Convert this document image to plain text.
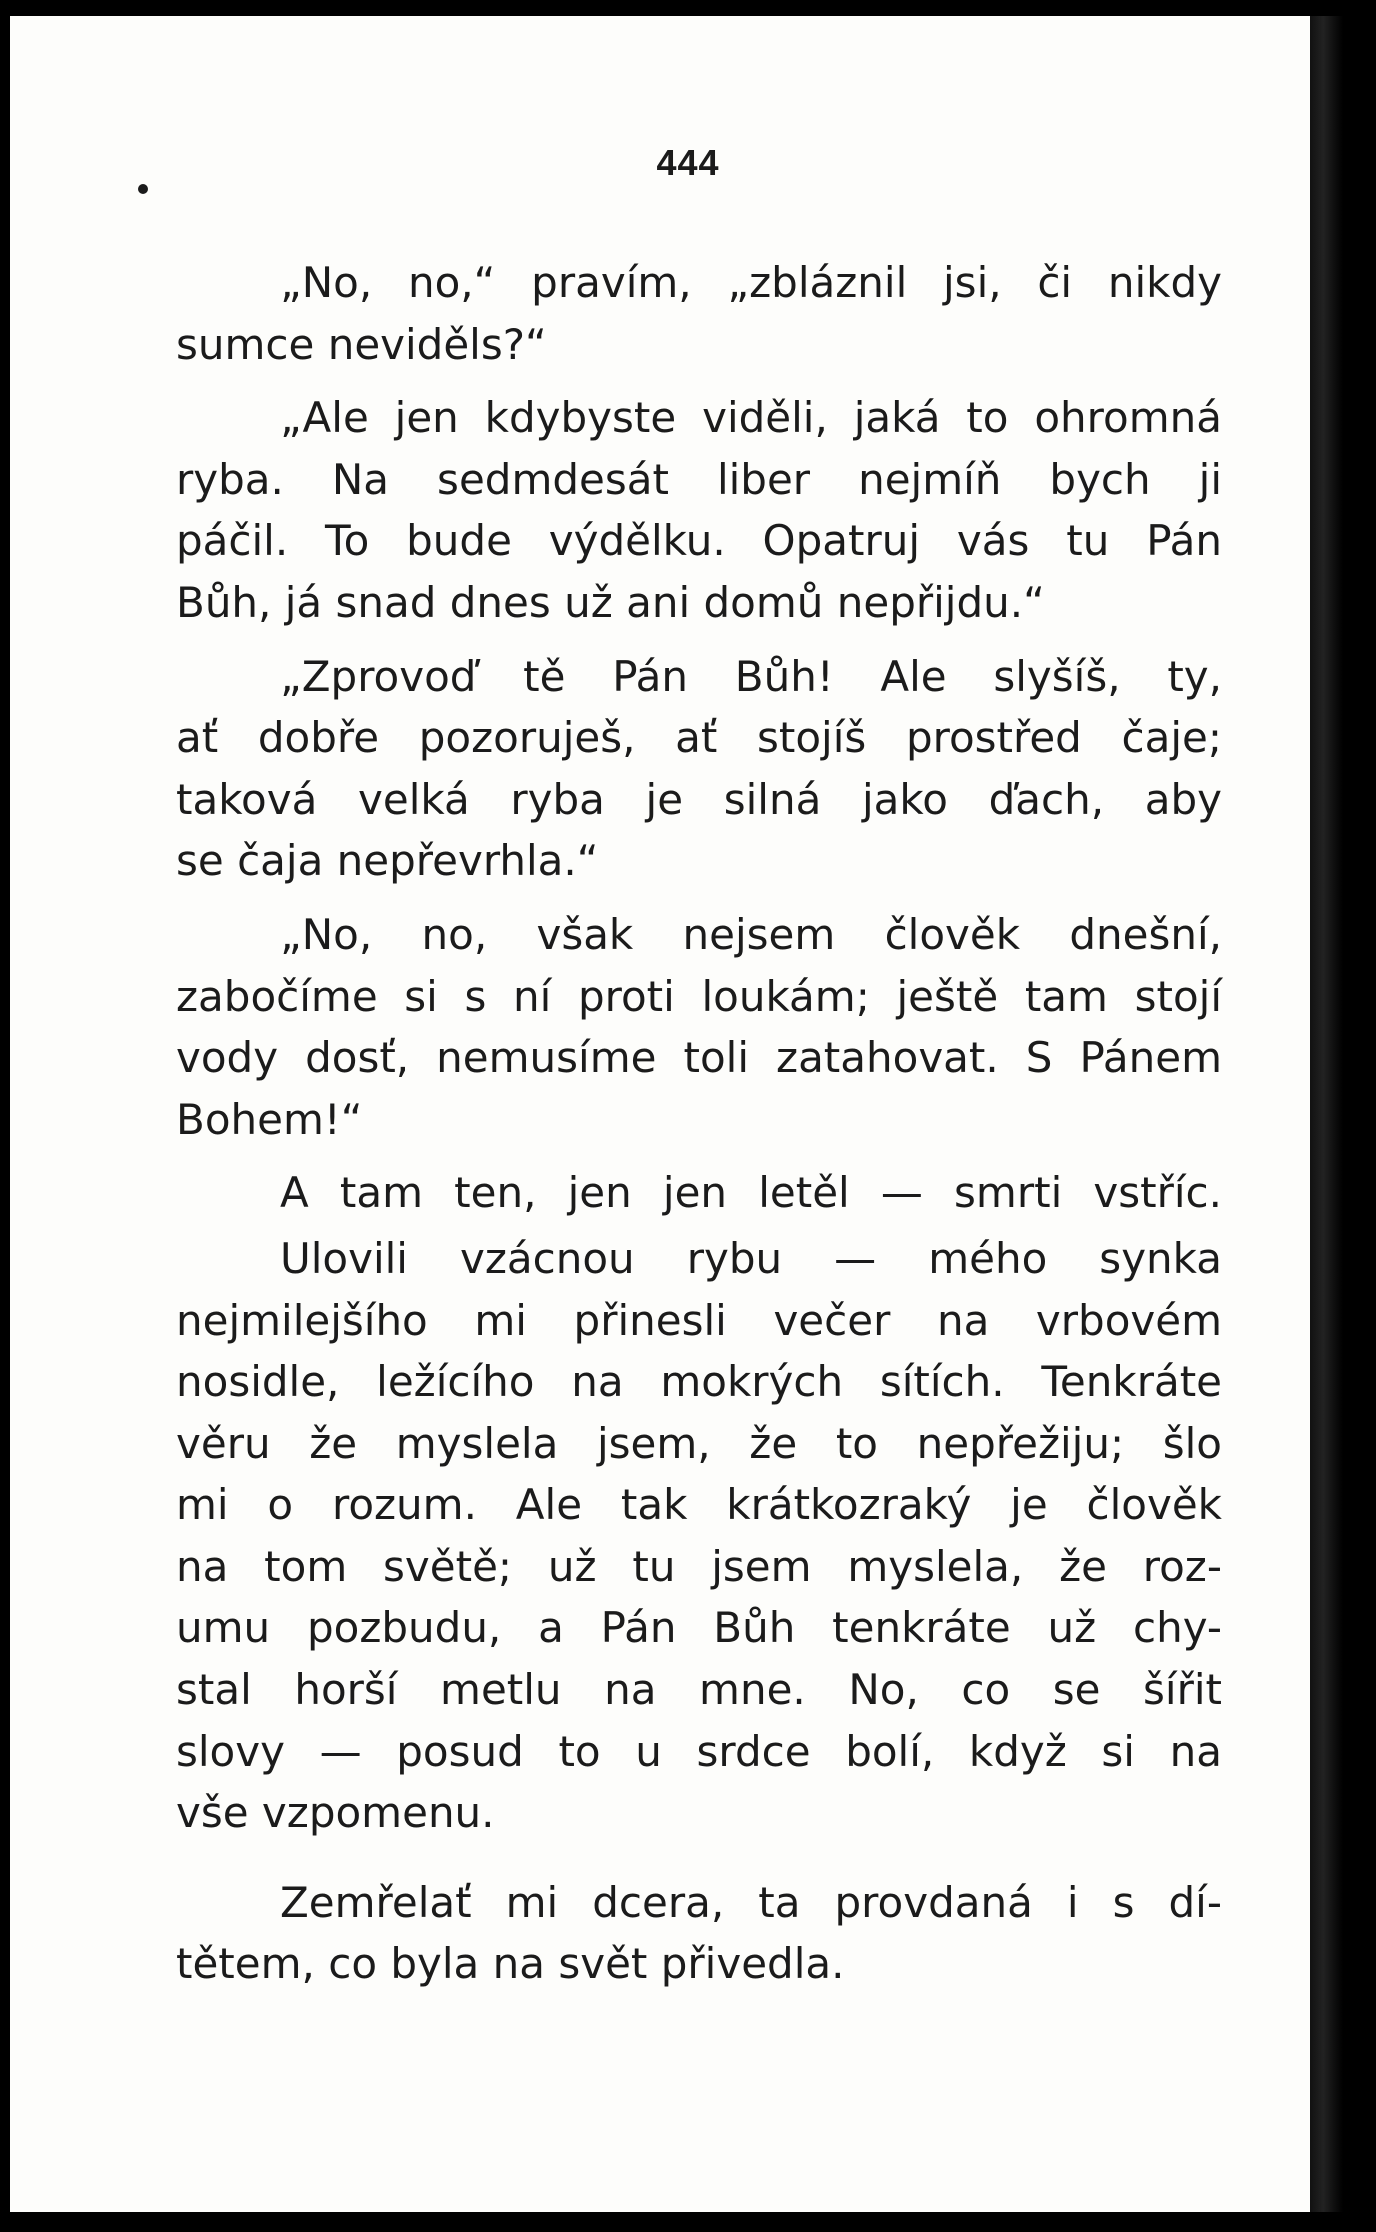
444

„No, no,“ pravím, „zbláznil jsi, či nikdy
sumce neviděls?“

„Ale jen kdybyste viděli, jaká to ohromná
ryba. Na sedmdesát liber nejmíň bych ji
páčil. To bude výdělku. Opatruj vás tu Pán
Bůh, já snad dnes už ani domů nepřijdu.“

„Zprovoď tě Pán Bůh! Ale slyšíš, ty,
ať dobře pozoruješ, ať stojíš prostřed čaje;
taková velká ryba je silná jako ďach, aby
se čaja nepřevrhla.“

„No, no, však nejsem člověk dnešní,
zabočíme si s ní proti loukám; ještě tam stojí
vody dosť, nemusíme toli zatahovat. S Pánem
Bohem!“

A tam ten, jen jen letěl — smrti vstříc.

Ulovili vzácnou rybu — mého synka
nejmilejšího mi přinesli večer na vrbovém
nosidle, ležícího na mokrých sítích. Tenkráte
věru že myslela jsem, že to nepřežiju; šlo
mi o rozum. Ale tak krátkozraký je člověk
na tom světě; už tu jsem myslela, že roz-
umu pozbudu, a Pán Bůh tenkráte už chy-
stal horší metlu na mne. No, co se šířit
slovy — posud to u srdce bolí, když si na
vše vzpomenu.

Zemřelať mi dcera, ta provdaná i s dí-
tětem, co byla na svět přivedla.
